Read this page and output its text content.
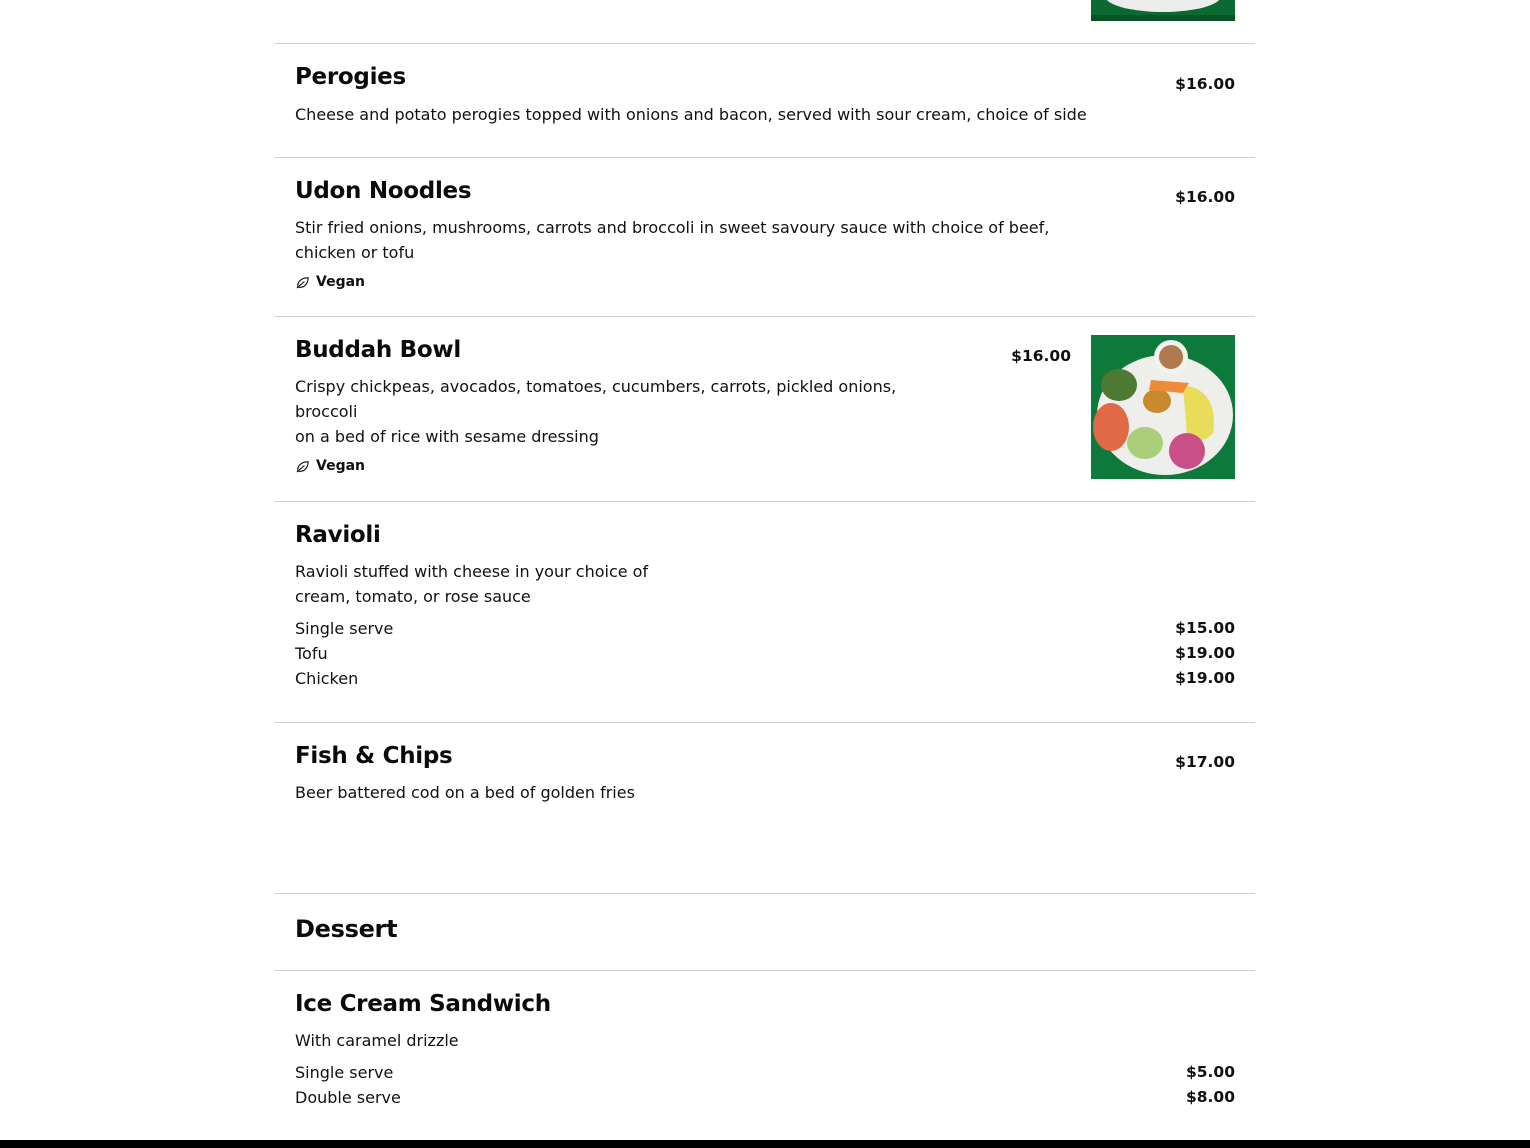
Perogies	$16.00
Cheese and potato perogies topped with onions and bacon, served with sour cream, choice of side
Udon Noodles	$16.00
Stir fried onions, mushrooms, carrots and broccoli in sweet savoury sauce with choice of beef,
chicken or tofu
Vegan
Buddah Bowl	$16.00
Crispy chickpeas, avocados, tomatoes, cucumbers, carrots, pickled onions,
broccoli
on a bed of rice with sesame dressing
Vegan
Ravioli
Ravioli stuffed with cheese in your choice of
cream, tomato, or rose sauce
Single serve	$15.00
Tofu	$19.00
Chicken	$19.00
Fish & Chips	$17.00
Beer battered cod on a bed of golden fries
Dessert
Ice Cream Sandwich
With caramel drizzle
Single serve	$5.00
Double serve	$8.00
